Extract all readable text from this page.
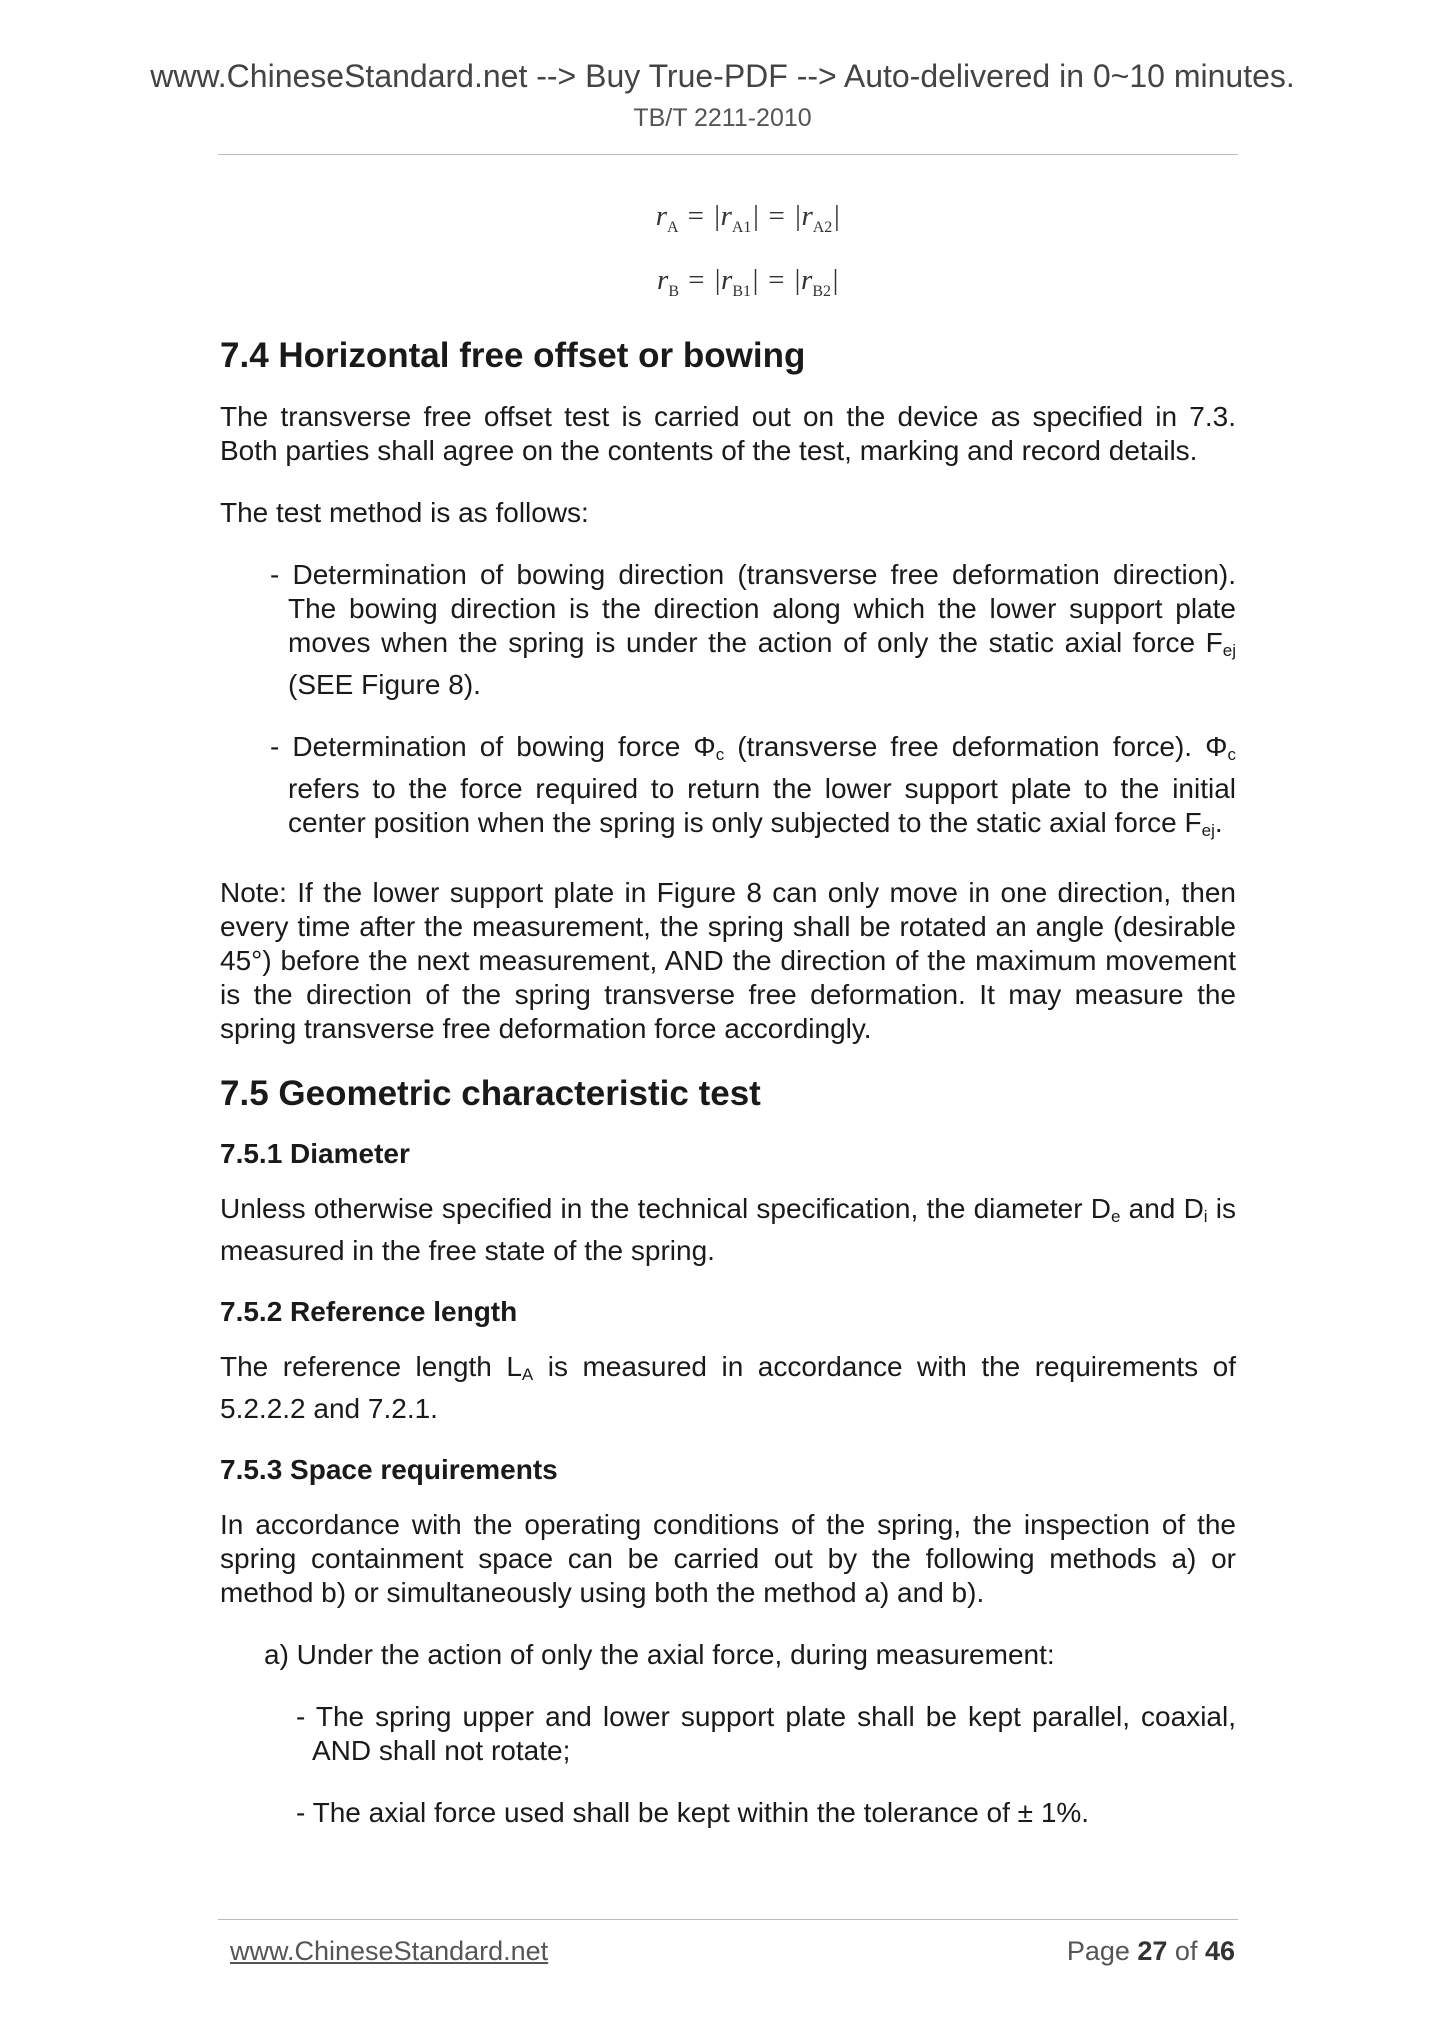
www.ChineseStandard.net --> Buy True-PDF --> Auto-delivered in 0~10 minutes.
TB/T 2211-2010
$r_A = |r_{A1}| = |r_{A2}|$
$r_B = |r_{B1}| = |r_{B2}|$
7.4 Horizontal free offset or bowing

The transverse free offset test is carried out on the device as specified in 7.3. Both parties shall agree on the contents of the test, marking and record details.

The test method is as follows:

- Determination of bowing direction (transverse free deformation direction). The bowing direction is the direction along which the lower support plate moves when the spring is under the action of only the static axial force $F_{ej}$ (SEE Figure 8).

- Determination of bowing force $\Phi_c$ (transverse free deformation force). $\Phi_c$ refers to the force required to return the lower support plate to the initial center position when the spring is only subjected to the static axial force $F_{ej}$.

Note: If the lower support plate in Figure 8 can only move in one direction, then every time after the measurement, the spring shall be rotated an angle (desirable 45°) before the next measurement, AND the direction of the maximum movement is the direction of the spring transverse free deformation. It may measure the spring transverse free deformation force accordingly.

7.5 Geometric characteristic test
7.5.1 Diameter

Unless otherwise specified in the technical specification, the diameter $D_e$ and $D_i$ is measured in the free state of the spring.

7.5.2 Reference length

The reference length $L_A$ is measured in accordance with the requirements of 5.2.2.2 and 7.2.1.

7.5.3 Space requirements

In accordance with the operating conditions of the spring, the inspection of the spring containment space can be carried out by the following methods a) or method b) or simultaneously using both the method a) and b).

a) Under the action of only the axial force, during measurement:

- The spring upper and lower support plate shall be kept parallel, coaxial, AND shall not rotate;

- The axial force used shall be kept within the tolerance of ± 1%.

www.ChineseStandard.net	Page 27 of 46
